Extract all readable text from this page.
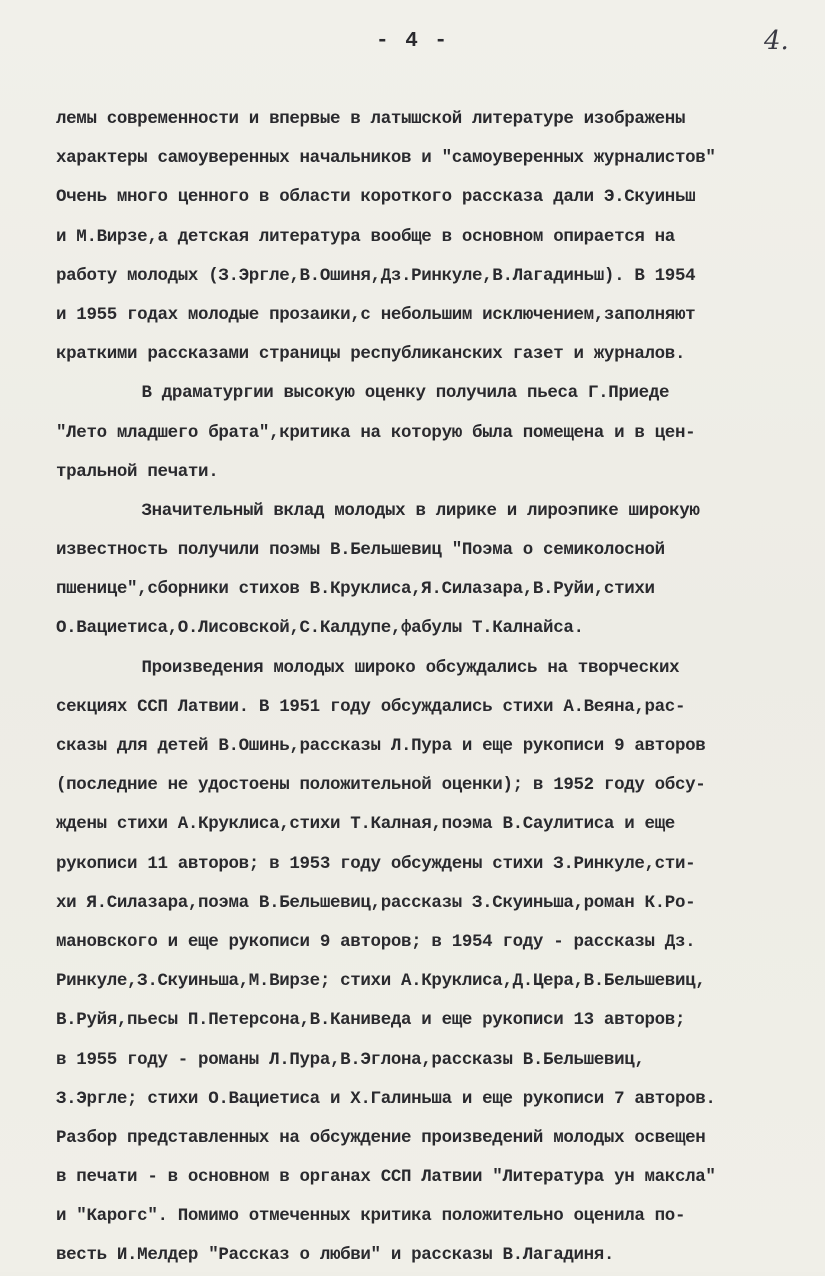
- 4 -	4.
лемы современности и впервые в латышской литературе изображены
характеры самоуверенных начальников и "самоуверенных журналистов"
Очень много ценного в области короткого рассказа дали Э.Скуиньш
и М.Вирзе,а детская литература вообще в основном опирается на
работу молодых (З.Эргле,В.Ошиня,Дз.Ринкуле,В.Лагадиньш). В 1954
и 1955 годах молодые прозаики,с небольшим исключением,заполняют
краткими рассказами страницы республиканских газет и журналов.
В драматургии высокую оценку получила пьеса Г.Приеде
"Лето младшего брата",критика на которую была помещена и в цен-
тральной печати.
Значительный вклад молодых в лирике и лироэпике широкую
известность получили поэмы В.Бельшевиц "Поэма о семиколосной
пшенице",сборники стихов В.Круклиса,Я.Силазара,В.Руйи,стихи
О.Вациетиса,О.Лисовской,С.Калдупе,фабулы Т.Калнайса.
Произведения молодых широко обсуждались на творческих
секциях ССП Латвии. В 1951 году обсуждались стихи А.Веяна,рас-
сказы для детей В.Ошинь,рассказы Л.Пура и еще рукописи 9 авторов
(последние не удостоены положительной оценки); в 1952 году обсу-
ждены стихи А.Круклиса,стихи Т.Калная,поэма В.Саулитиса и еще
рукописи 11 авторов; в 1953 году обсуждены стихи З.Ринкуле,сти-
хи Я.Силазара,поэма В.Бельшевиц,рассказы З.Скуиньша,роман К.Ро-
мановского и еще рукописи 9 авторов; в 1954 году - рассказы Дз.
Ринкуле,З.Скуиньша,М.Вирзе; стихи А.Круклиса,Д.Цера,В.Бельшевиц,
В.Руйя,пьесы П.Петерсона,В.Каниведа и еще рукописи 13 авторов;
в 1955 году - романы Л.Пура,В.Эглона,рассказы В.Бельшевиц,
З.Эргле; стихи О.Вациетиса и Х.Галиньша и еще рукописи 7 авторов.
Разбор представленных на обсуждение произведений молодых освещен
в печати - в основном в органах ССП Латвии "Литература ун максла"
и "Карогс". Помимо отмеченных критика положительно оценила по-
весть И.Мелдер "Рассказ о любви" и рассказы В.Лагадиня.
